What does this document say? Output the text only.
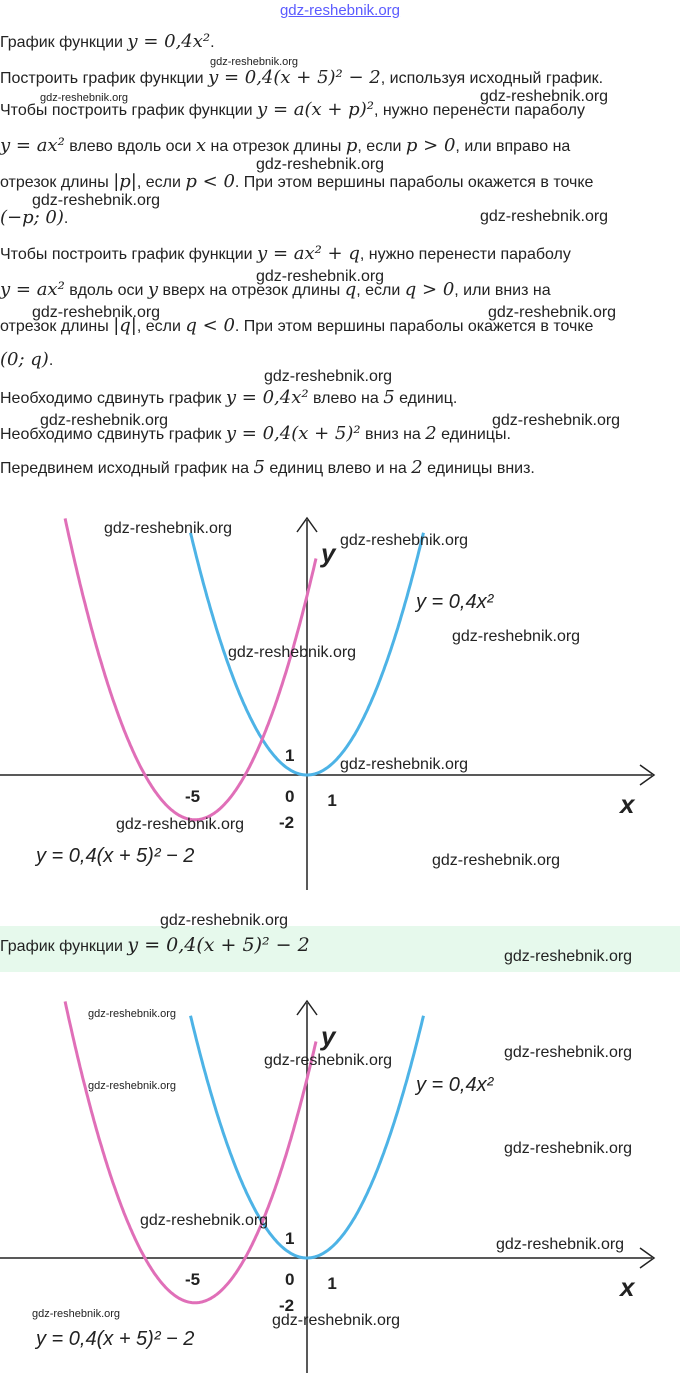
gdz-reshebnik.org
График функции y = 0,4x².
Построить график функции y = 0,4(x + 5)² − 2, используя исходный график.
Чтобы построить график функции y = a(x + p)², нужно перенести параболу
y = ax² влево вдоль оси x на отрезок длины p, если p > 0, или вправо на
отрезок длины |p|, если p < 0. При этом вершины параболы окажется в точке
(−p; 0).
Чтобы построить график функции y = ax² + q, нужно перенести параболу
y = ax² вдоль оси y вверх на отрезок длины q, если q > 0, или вниз на
отрезок длины |q|, если q < 0. При этом вершины параболы окажется в точке
(0; q).
Необходимо сдвинуть график y = 0,4x² влево на 5 единиц.
Необходимо сдвинуть график y = 0,4(x + 5)² вниз на 2 единицы.
Передвинем исходный график на 5 единиц влево и на 2 единицы вниз.
-5	0 1
1
-2
x
y
y = 0,4x²
y = 0,4(x + 5)² − 2
График функции y = 0,4(x + 5)² − 2
-5	0 1
1
-2
x
y
y = 0,4x²
y = 0,4(x + 5)² − 2
gdz-reshebnik.org
gdz-reshebnik.org	gdz-reshebnik.org
gdz-reshebnik.org
gdz-reshebnik.org
gdz-reshebnik.org
gdz-reshebnik.org
gdz-reshebnik.org	gdz-reshebnik.org
gdz-reshebnik.org
gdz-reshebnik.org	gdz-reshebnik.org
gdz-reshebnik.org
gdz-reshebnik.org
gdz-reshebnik.org
gdz-reshebnik.org
gdz-reshebnik.org
gdz-reshebnik.org
gdz-reshebnik.org
gdz-reshebnik.org
gdz-reshebnik.org
gdz-reshebnik.org
gdz-reshebnik.org
gdz-reshebnik.org
gdz-reshebnik.org
gdz-reshebnik.org
gdz-reshebnik.org
gdz-reshebnik.org
gdz-reshebnik.org	gdz-reshebnik.org
